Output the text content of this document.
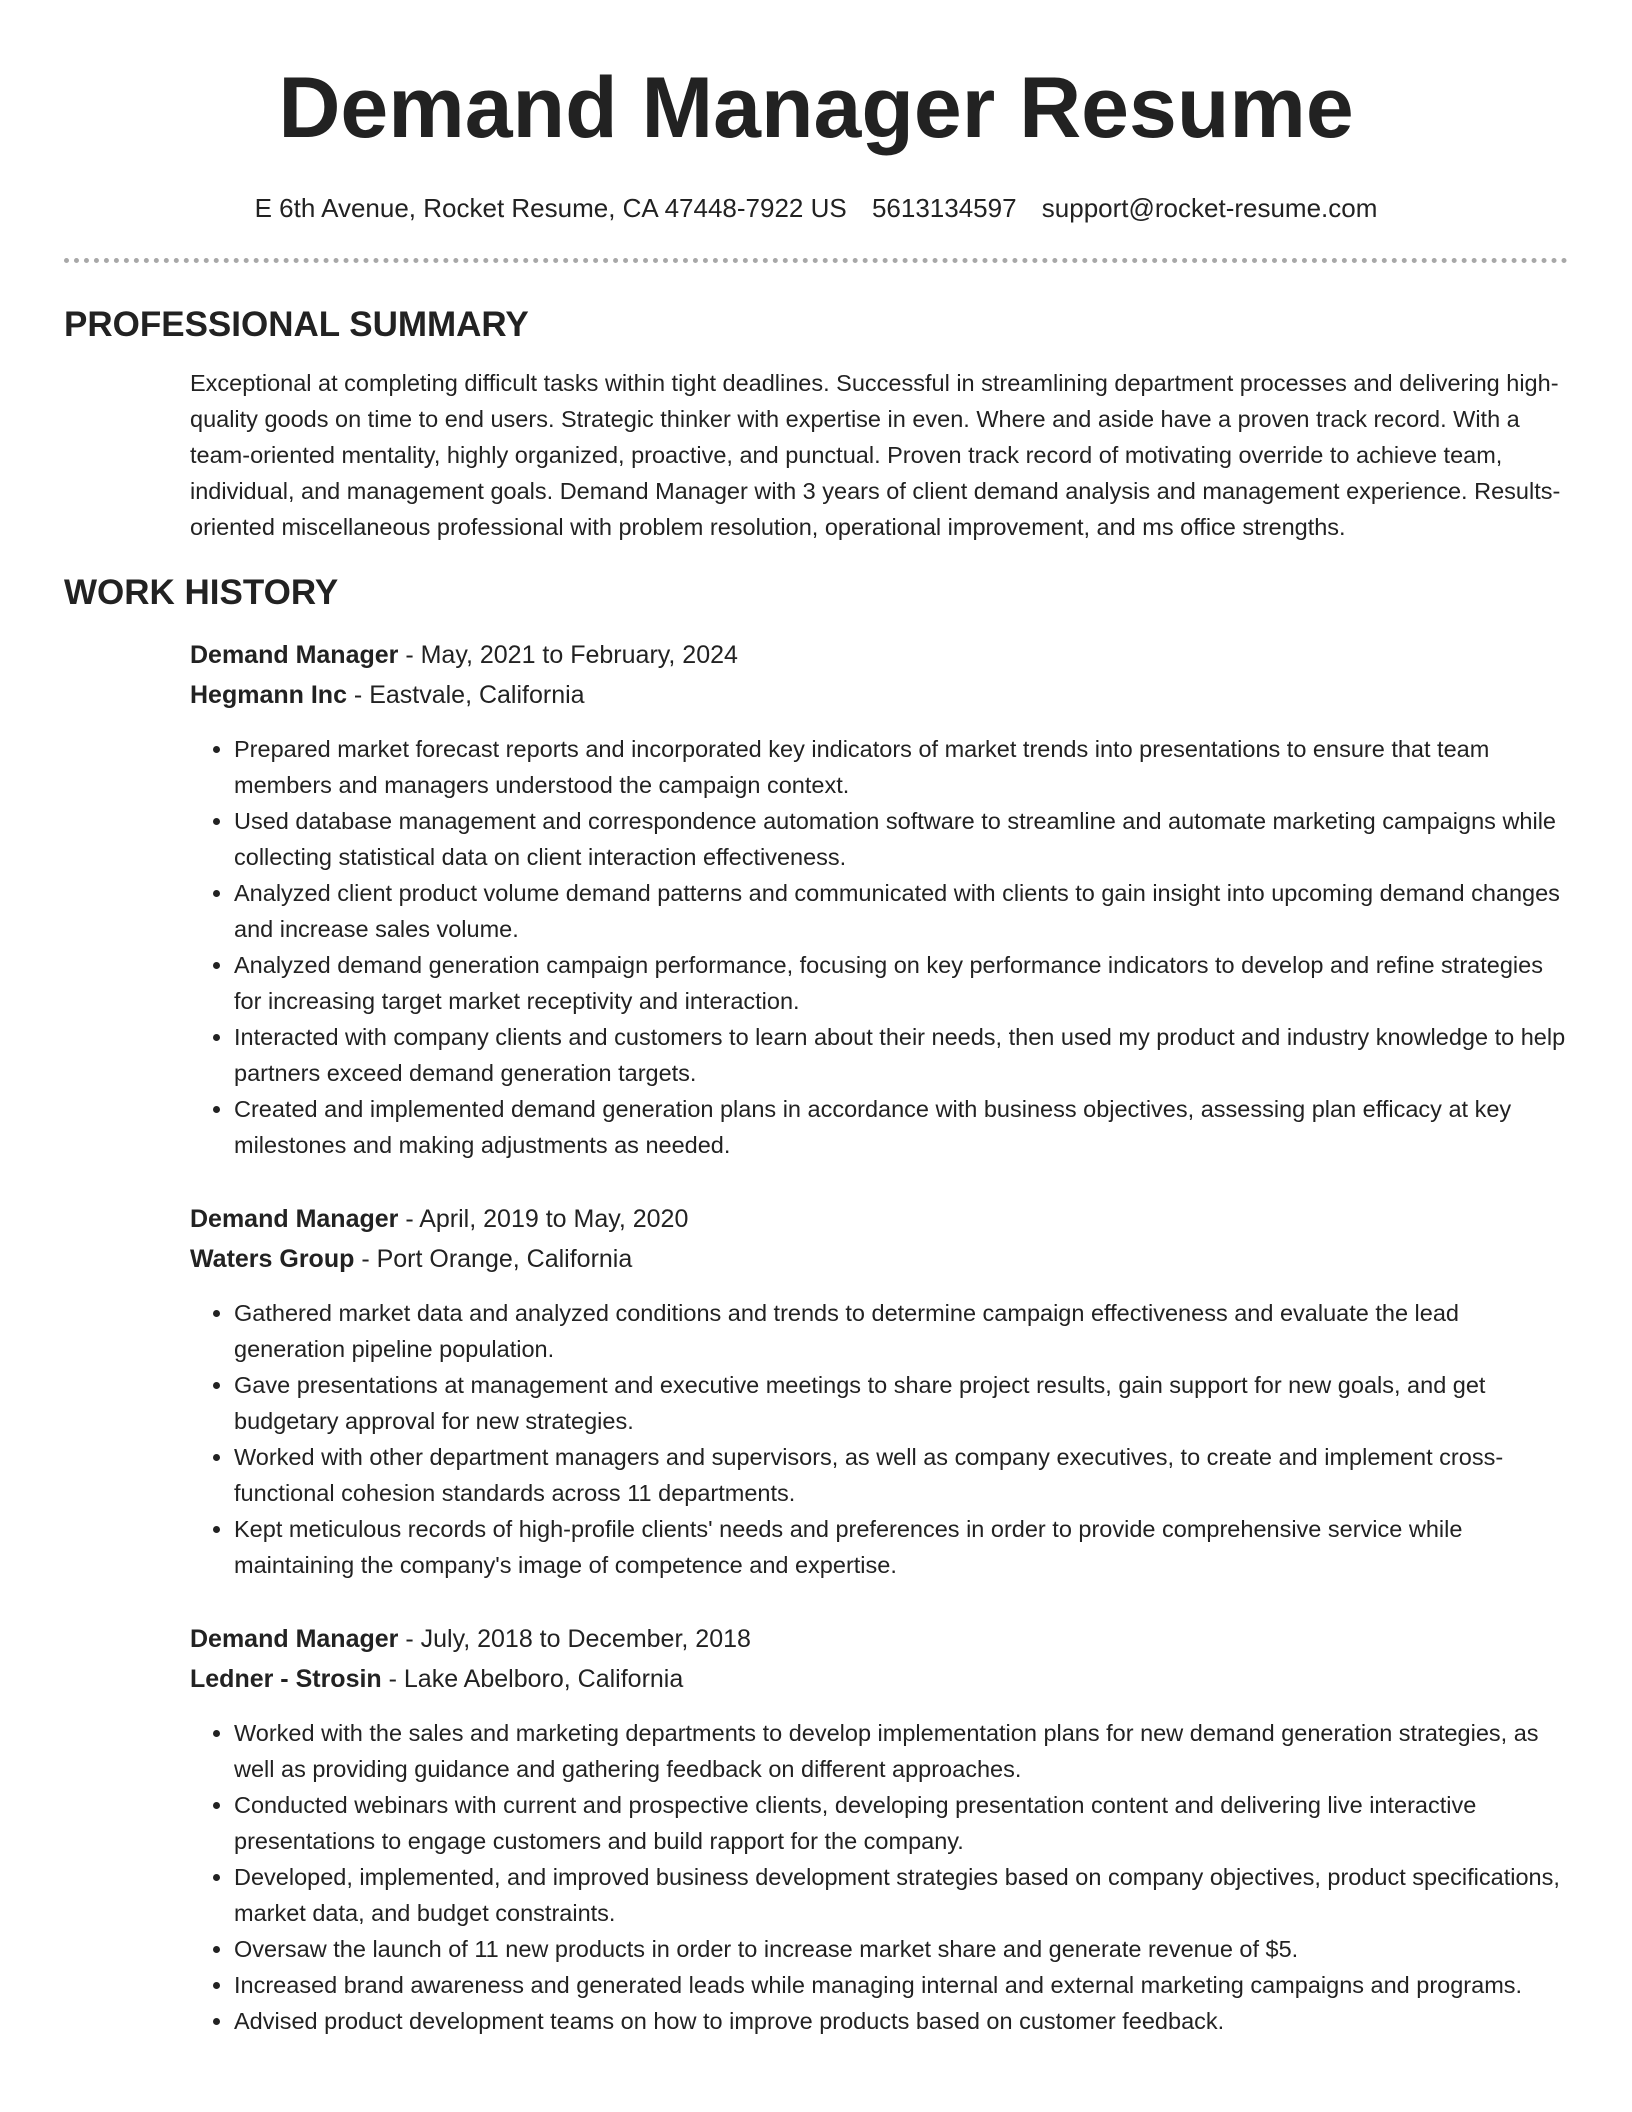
Demand Manager Resume
E 6th Avenue, Rocket Resume, CA 47448-7922 US 5613134597 support@rocket-resume.com
PROFESSIONAL SUMMARY
Exceptional at completing difficult tasks within tight deadlines. Successful in streamlining department processes and delivering high-quality goods on time to end users. Strategic thinker with expertise in even. Where and aside have a proven track record. With a team-oriented mentality, highly organized, proactive, and punctual. Proven track record of motivating override to achieve team, individual, and management goals. Demand Manager with 3 years of client demand analysis and management experience. Results-oriented miscellaneous professional with problem resolution, operational improvement, and ms office strengths.
WORK HISTORY
Demand Manager - May, 2021 to February, 2024
Hegmann Inc - Eastvale, California
• Prepared market forecast reports and incorporated key indicators of market trends into presentations to ensure that team members and managers understood the campaign context.
• Used database management and correspondence automation software to streamline and automate marketing campaigns while collecting statistical data on client interaction effectiveness.
• Analyzed client product volume demand patterns and communicated with clients to gain insight into upcoming demand changes and increase sales volume.
• Analyzed demand generation campaign performance, focusing on key performance indicators to develop and refine strategies for increasing target market receptivity and interaction.
• Interacted with company clients and customers to learn about their needs, then used my product and industry knowledge to help partners exceed demand generation targets.
• Created and implemented demand generation plans in accordance with business objectives, assessing plan efficacy at key milestones and making adjustments as needed.
Demand Manager - April, 2019 to May, 2020
Waters Group - Port Orange, California
• Gathered market data and analyzed conditions and trends to determine campaign effectiveness and evaluate the lead generation pipeline population.
• Gave presentations at management and executive meetings to share project results, gain support for new goals, and get budgetary approval for new strategies.
• Worked with other department managers and supervisors, as well as company executives, to create and implement cross-functional cohesion standards across 11 departments.
• Kept meticulous records of high-profile clients' needs and preferences in order to provide comprehensive service while maintaining the company's image of competence and expertise.
Demand Manager - July, 2018 to December, 2018
Ledner - Strosin - Lake Abelboro, California
• Worked with the sales and marketing departments to develop implementation plans for new demand generation strategies, as well as providing guidance and gathering feedback on different approaches.
• Conducted webinars with current and prospective clients, developing presentation content and delivering live interactive presentations to engage customers and build rapport for the company.
• Developed, implemented, and improved business development strategies based on company objectives, product specifications, market data, and budget constraints.
• Oversaw the launch of 11 new products in order to increase market share and generate revenue of $5.
• Increased brand awareness and generated leads while managing internal and external marketing campaigns and programs.
• Advised product development teams on how to improve products based on customer feedback.
